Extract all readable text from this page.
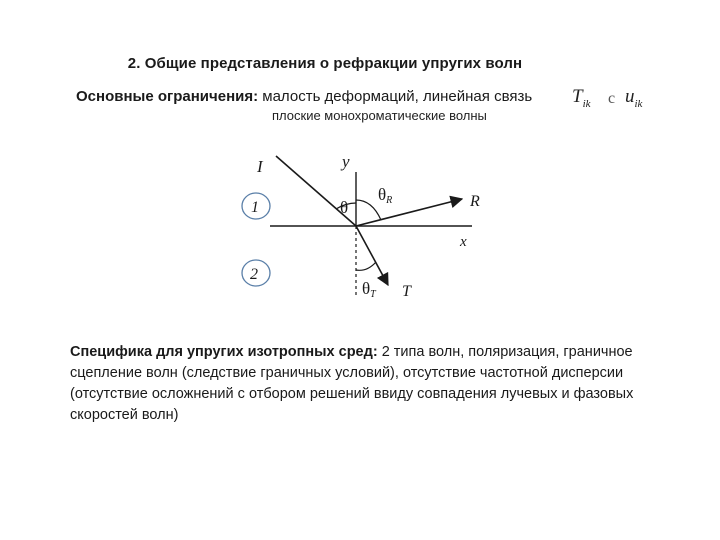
2. Общие представления о рефракции упругих волн
Основные ограничения: малость деформаций, линейная связь $T_{ik}$ с $u_{ik}$
плоские монохроматические волны
I	y
R
x
T
θ
θR
θT
1
2
Специфика для упругих изотропных сред: 2 типа волн, поляризация, граничное сцепление волн (следствие граничных условий), отсутствие частотной дисперсии (отсутствие осложнений с отбором решений ввиду совпадения лучевых и фазовых скоростей волн)
